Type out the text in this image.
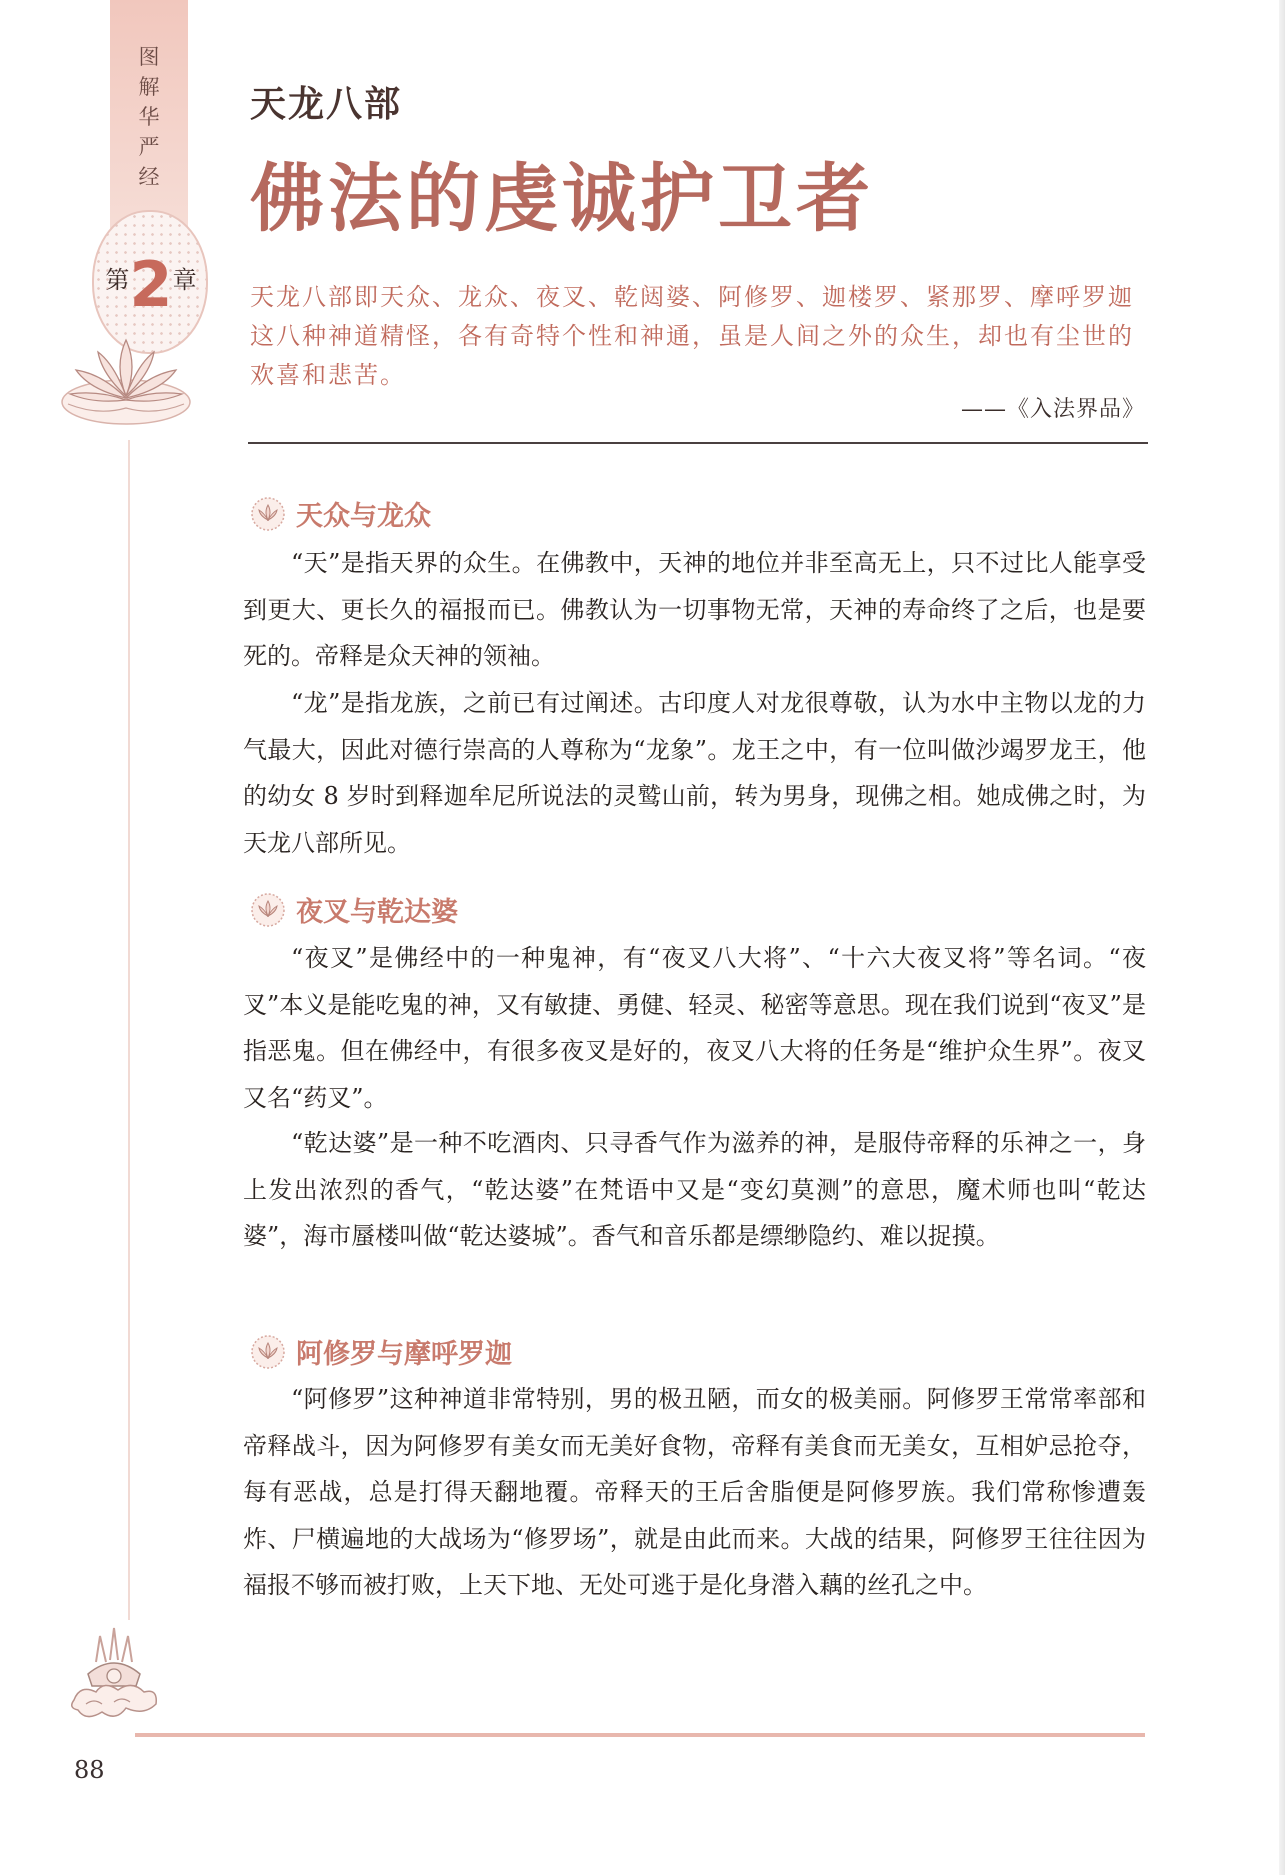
图
解
华
严
经
第2章
天龙八部
佛法的虔诚护卫者
天龙八部即天众、龙众、夜叉、乾闼婆、阿修罗、迦楼罗、紧那罗、摩呼罗迦这八种神道精怪，各有奇特个性和神通，虽是人间之外的众生，却也有尘世的欢喜和悲苦。
——《入法界品》
天众与龙众

“天”是指天界的众生。在佛教中，天神的地位并非至高无上，只不过比人能享受到更大、更长久的福报而已。佛教认为一切事物无常，天神的寿命终了之后，也是要死的。帝释是众天神的领袖。

“龙”是指龙族，之前已有过阐述。古印度人对龙很尊敬，认为水中主物以龙的力气最大，因此对德行崇高的人尊称为“龙象”。龙王之中，有一位叫做沙竭罗龙王，他的幼女 8 岁时到释迦牟尼所说法的灵鹫山前，转为男身，现佛之相。她成佛之时，为天龙八部所见。

夜叉与乾达婆

“夜叉”是佛经中的一种鬼神，有“夜叉八大将”、“十六大夜叉将”等名词。“夜叉”本义是能吃鬼的神，又有敏捷、勇健、轻灵、秘密等意思。现在我们说到“夜叉”是指恶鬼。但在佛经中，有很多夜叉是好的，夜叉八大将的任务是“维护众生界”。夜叉又名“药叉”。

“乾达婆”是一种不吃酒肉、只寻香气作为滋养的神，是服侍帝释的乐神之一，身上发出浓烈的香气，“乾达婆”在梵语中又是“变幻莫测”的意思，魔术师也叫“乾达婆”，海市蜃楼叫做“乾达婆城”。香气和音乐都是缥缈隐约、难以捉摸。

阿修罗与摩呼罗迦

“阿修罗”这种神道非常特别，男的极丑陋，而女的极美丽。阿修罗王常常率部和帝释战斗，因为阿修罗有美女而无美好食物，帝释有美食而无美女，互相妒忌抢夺，每有恶战，总是打得天翻地覆。帝释天的王后舍脂便是阿修罗族。我们常称惨遭轰炸、尸横遍地的大战场为“修罗场”，就是由此而来。大战的结果，阿修罗王往往因为福报不够而被打败，上天下地、无处可逃于是化身潜入藕的丝孔之中。

88
